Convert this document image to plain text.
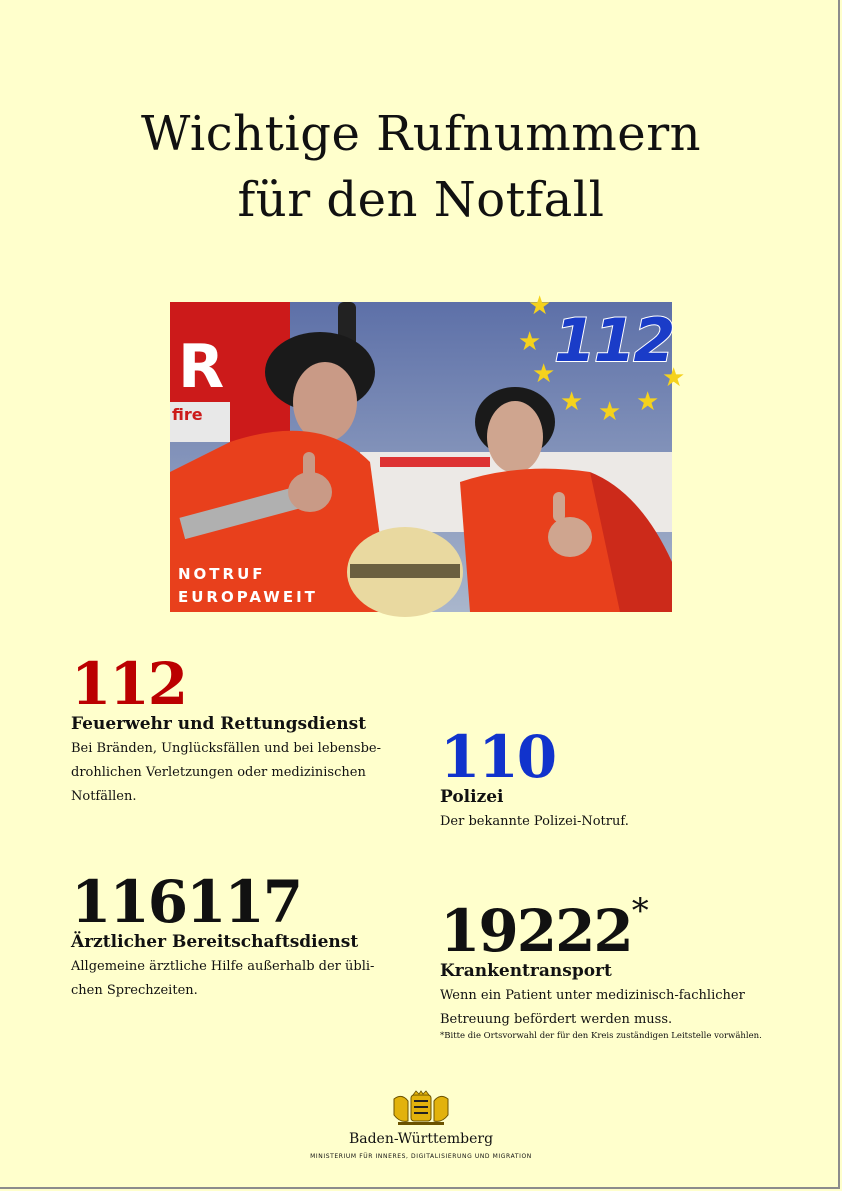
Wichtige Rufnummern
für den Notfall
R
fire
★
★
★
★ ★ ★
★
112
NOTRUF
EUROPAWEIT
112
Feuerwehr und Rettungsdienst

Bei Bränden, Unglücksfällen und bei lebensbe-
drohlichen Verletzungen oder medizinischen
Notfällen.

110
Polizei

Der bekannte Polizei-Notruf.

116117
Ärztlicher Bereitschaftsdienst

Allgemeine ärztliche Hilfe außerhalb der übli-
chen Sprechzeiten.

19222*
Krankentransport

Wenn ein Patient unter medizinisch-fachlicher
Betreuung befördert werden muss.

*Bitte die Ortsvorwahl der für den Kreis zuständigen Leitstelle vorwählen.

Baden-Württemberg
MINISTERIUM FÜR INNERES, DIGITALISIERUNG UND MIGRATION
